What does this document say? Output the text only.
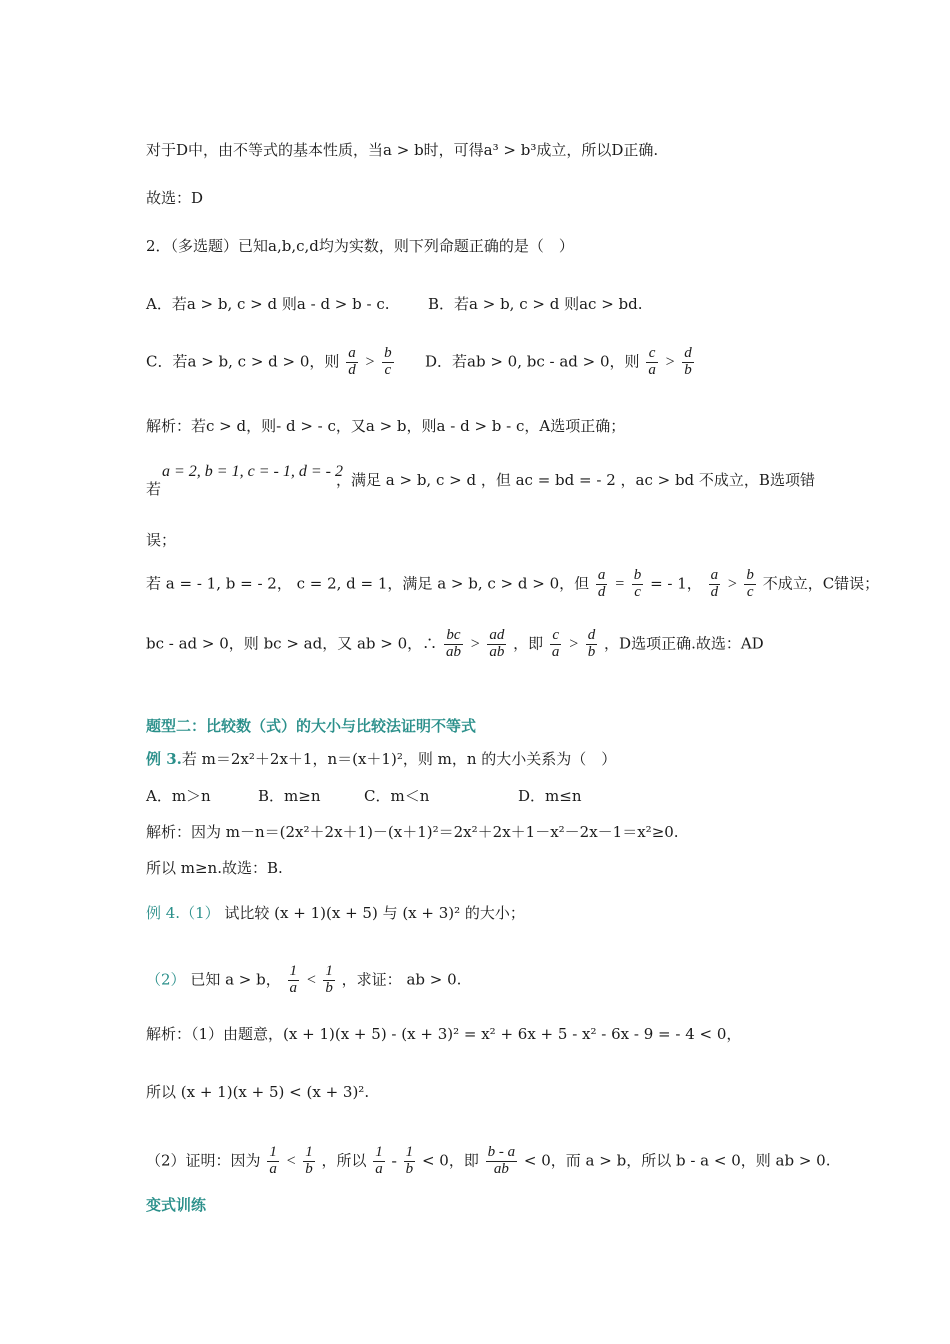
对于D中，由不等式的基本性质，当a > b时，可得a³ > b³成立，所以D正确.
故选：D
2．（多选题）已知a,b,c,d均为实数，则下列命题正确的是（　）
A．若a > b, c > d 则a - d > b - c.	B．若a > b, c > d 则ac > bd.
C．若a > b, c > d > 0，则 $\frac{a}{d} > \frac{b}{c}$ D．若ab > 0, bc - ad > 0，则 $\frac{c}{a} > \frac{d}{b}$
解析：若c > d，则- d > - c，又a > b，则a - d > b - c，A选项正确；
a = 2, b = 1, c = - 1, d = - 2
若	，满足 a > b, c > d ，但 ac = bd = - 2 ，ac > bd 不成立，B选项错
误；
若 a = - 1, b = - 2， c = 2, d = 1，满足 a > b, c > d > 0，但 $\frac{a}{d} = \frac{b}{c}$ = - 1， $\frac{a}{d} > \frac{b}{c}$ 不成立，C错误；
bc - ad > 0，则 bc > ad，又 ab > 0，∴ $\frac{bc}{ab} > \frac{ad}{ab}$ ，即 $\frac{c}{a} > \frac{d}{b}$ ，D选项正确.故选：AD
题型二：比较数（式）的大小与比较法证明不等式
例 3.若 m＝2x²＋2x＋1，n＝(x＋1)²，则 m，n 的大小关系为（　）
A．m＞n	B．m≥n	C．m＜n	D．m≤n
解析：因为 m－n＝(2x²＋2x＋1)－(x＋1)²＝2x²＋2x＋1－x²－2x－1＝x²≥0.
所以 m≥n.故选：B.
例 4.（1） 试比较 (x + 1)(x + 5) 与 (x + 3)² 的大小；
（2） 已知 a > b， $\frac{1}{a} < \frac{1}{b}$ ，求证： ab > 0.
解析：（1）由题意，(x + 1)(x + 5) - (x + 3)² = x² + 6x + 5 - x² - 6x - 9 = - 4 < 0，
所以 (x + 1)(x + 5) < (x + 3)².
（2）证明：因为 $\frac{1}{a} < \frac{1}{b}$ ，所以 $\frac{1}{a} - \frac{1}{b} < 0$，即 $\frac{b - a}{ab} < 0$，而 a > b，所以 b - a < 0，则 ab > 0.
变式训练
